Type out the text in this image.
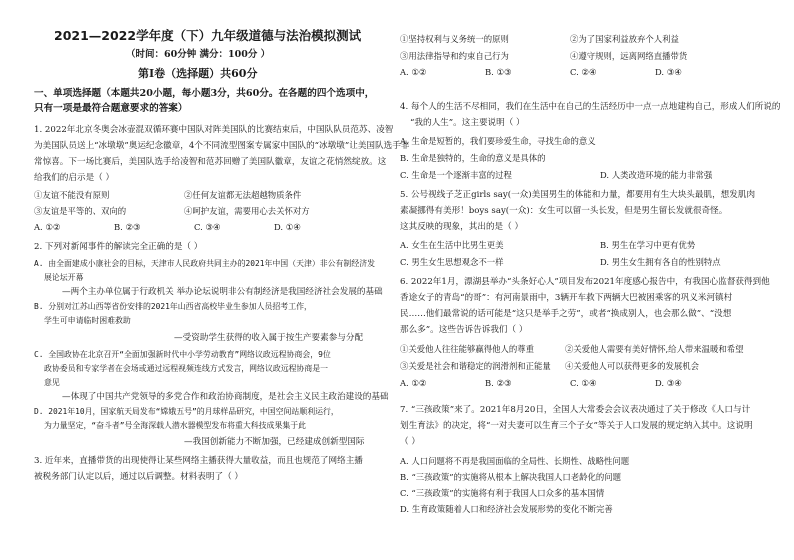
2021—2022学年度（下）九年级道德与法治模拟测试
（时间：60分钟 满分：100分 ）
第Ⅰ卷（选择题）共60分
一、单项选择题（本题共20小题，每小题3分，共60分。在各题的四个选项中，
只有一项是最符合题意要求的答案）
1. 2022年北京冬奥会冰壶混双循环赛中国队对阵美国队的比赛结束后，中国队队员范苏、凌智
为美国队员送上“冰墩墩”奥运纪念徽章，4个不同流型图案专属家中国队的“冰墩墩”让美国队选手非
常惊喜。下一场比赛后，美国队选手给凌智和范苏回赠了美国队徽章，友谊之花悄然绽放。这
给我们的启示是（ ）
①友谊不能没有原则	②任何友谊都无法超越物质条件
③友谊是平等的、双向的	④呵护友谊，需要用心去关怀对方
A. ①②	B. ②③	C. ③④	D. ①④
2. 下列对新闻事件的解读完全正确的是（ ）
A. 由全面建成小康社会的目标，天津市人民政府共同主办的2021年中国（天津）非公有制经济发
展论坛开幕
—两个主办单位属于行政机关 举办论坛说明非公有制经济是我国经济社会发展的基础
B. 分别对江苏山西等省份安排的2021年山西省高校毕业生参加人员招考工作，
学生可申请临时困难救助
—受资助学生获得的收入属于按生产要素参与分配
C. 全国政协在北京召开“全面加强新时代中小学劳动教育”网络议政远程协商会，9位
政协委员和专家学者在会场或通过远程视频连线方式发言，网络议政远程协商是一
意见
—体现了中国共产党领导的多党合作和政治协商制度，是社会主义民主政治建设的基础
D. 2021年10月，国家航天局发布“嫦娥五号”的月球样品研究，中国空间站顺利运行，
为力量坚定，“奋斗者”号全海深载人潜水器模型发布将重大科技成果集于此
—我国创新能力不断加强，已经建成创新型国际
3. 近年来，直播带货的出现使得让某些网络主播获得大量收益，而且也规范了网络主播
被税务部门认定以后，通过以后调整。材料表明了（ ）
①坚持权利与义务统一的原则	②为了国家利益放弃个人利益
③用法律指导和约束自己行为	④遵守规则，远离网络直播带货
A. ①②	B. ①③	C. ②④	D. ③④
4. 每个人的生活不尽相同，我们在生活中在自己的生活经历中一点一点地建构自己，形成人们所说的
“我的人生”。这主要说明（ ）
A. 生命是短暂的，我们要珍爱生命，寻找生命的意义
B. 生命是独特的，生命的意义是具体的
C. 生命是一个逐渐丰富的过程	D. 人类改造环境的能力非常强
5. 公号视线子芝正girls say(一众)美国男生的体能和力量，都要用有生大块头最肌，想发肌肉
素凝挪得有美形！boys say(一众)：女生可以留一头长发，但是男生留长发就很奇怪。
这其反映的现象，其出的是（ ）
A. 女生在生活中比男生更美	B. 男生在学习中更有优势
C. 男生女生思想观念不一样	D. 男生女生拥有各自的性别特点
6. 2022年1月，漂湖县举办“头条好心人”项目发布2021年度感心报告中，有我国心监督获得到他
香途女子的青岛“的哥”：有河南景雨中，3辆开车救下两辆大巴被困乘客的巩义米河镇村
民……他们最常说的话可能是“这只是举手之劳”，或者“换成别人，也会那么做”、“没想
那么多”。这些告诉告诉我们（ ）
①关爱他人往往能够赢得他人的尊重	②关爱他人需要有美好情怀,给人带来温暖和希望
③关爱是社会和谐稳定的润滑剂和正能量 ④关爱他人可以获得更多的发展机会
A. ①②	B. ②③	C. ①④	D. ③④
7. “三孩政策”来了。2021年8月20日，全国人大常委会会议表决通过了关于修改《人口与计
划生育法》的决定，将“一对夫妻可以生育三个子女”等关于人口发展的规定纳入其中。这说明
（ ）
A. 人口问题将不再是我国面临的全局性、长期性、战略性问题
B. “三孩政策”的实施将从根本上解决我国人口老龄化的问题
C. “三孩政策”的实施将有利于我国人口众多的基本国情
D. 生育政策随着人口和经济社会发展形势的变化不断完善
